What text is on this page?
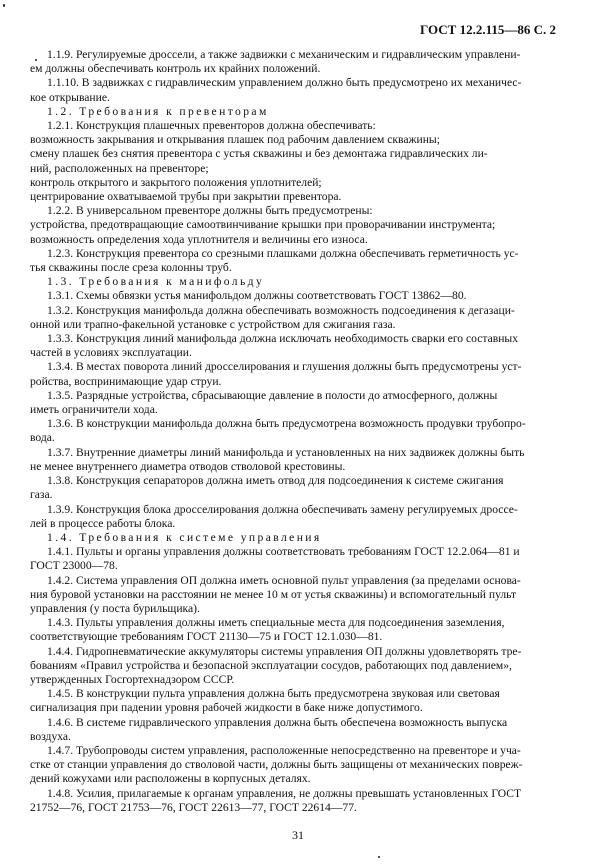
ГОСТ 12.2.115—86 С. 2

1.1.9. Регулируемые дроссели, а также задвижки с механическим и гидравлическим управлени-

ем должны обеспечивать контроль их крайних положений.

1.1.10. В задвижках с гидравлическим управлением должно быть предусмотрено их механичес-

кое открывание.

1.2. Требования к превенторам

1.2.1. Конструкция плашечных превенторов должна обеспечивать:

возможность закрывания и открывания плашек под рабочим давлением скважины;

смену плашек без снятия превентора с устья скважины и без демонтажа гидравлических ли-

ний, расположенных на превенторе;

контроль открытого и закрытого положения уплотнителей;

центрирование охватываемой трубы при закрытии превентора.

1.2.2. В универсальном превенторе должны быть предусмотрены:

устройства, предотвращающие самоотвинчивание крышки при проворачивании инструмента;

возможность определения хода уплотнителя и величины его износа.

1.2.3. Конструкция превентора со срезными плашками должна обеспечивать герметичность ус-

тья скважины после среза колонны труб.

1.3. Требования к манифольду

1.3.1. Схемы обвязки устья манифольдом должны соответствовать ГОСТ 13862—80.

1.3.2. Конструкция манифольда должна обеспечивать возможность подсоединения к дегазаци-

онной или трапно-факельной установке с устройством для сжигания газа.

1.3.3. Конструкция линий манифольда должна исключать необходимость сварки его составных

частей в условиях эксплуатации.

1.3.4. В местах поворота линий дросселирования и глушения должны быть предусмотрены уст-

ройства, воспринимающие удар струи.

1.3.5. Разрядные устройства, сбрасывающие давление в полости до атмосферного, должны

иметь ограничители хода.

1.3.6. В конструкции манифольда должна быть предусмотрена возможность продувки трубопро-

вода.

1.3.7. Внутренние диаметры линий манифольда и установленных на них задвижек должны быть

не менее внутреннего диаметра отводов стволовой крестовины.

1.3.8. Конструкция сепараторов должна иметь отвод для подсоединения к системе сжигания

газа.

1.3.9. Конструкция блока дросселирования должна обеспечивать замену регулируемых дроссе-

лей в процессе работы блока.

1.4. Требования к системе управления

1.4.1. Пульты и органы управления должны соответствовать требованиям ГОСТ 12.2.064—81 и

ГОСТ 23000—78.

1.4.2. Система управления ОП должна иметь основной пульт управления (за пределами основа-

ния буровой установки на расстоянии не менее 10 м от устья скважины) и вспомогательный пульт

управления (у поста бурильщика).

1.4.3. Пульты управления должны иметь специальные места для подсоединения заземления,

соответствующие требованиям ГОСТ 21130—75 и ГОСТ 12.1.030—81.

1.4.4. Гидропневматические аккумуляторы системы управления ОП должны удовлетворять тре-

бованиям «Правил устройства и безопасной эксплуатации сосудов, работающих под давлением»,

утвержденных Госгортехнадзором СССР.

1.4.5. В конструкции пульта управления должна быть предусмотрена звуковая или световая

сигнализация при падении уровня рабочей жидкости в баке ниже допустимого.

1.4.6. В системе гидравлического управления должна быть обеспечена возможность выпуска

воздуха.

1.4.7. Трубопроводы систем управления, расположенные непосредственно на превенторе и уча-

стке от станции управления до стволовой части, должны быть защищены от механических повреж-

дений кожухами или расположены в корпусных деталях.

1.4.8. Усилия, прилагаемые к органам управления, не должны превышать установленных ГОСТ

21752—76, ГОСТ 21753—76, ГОСТ 22613—77, ГОСТ 22614—77.

31
